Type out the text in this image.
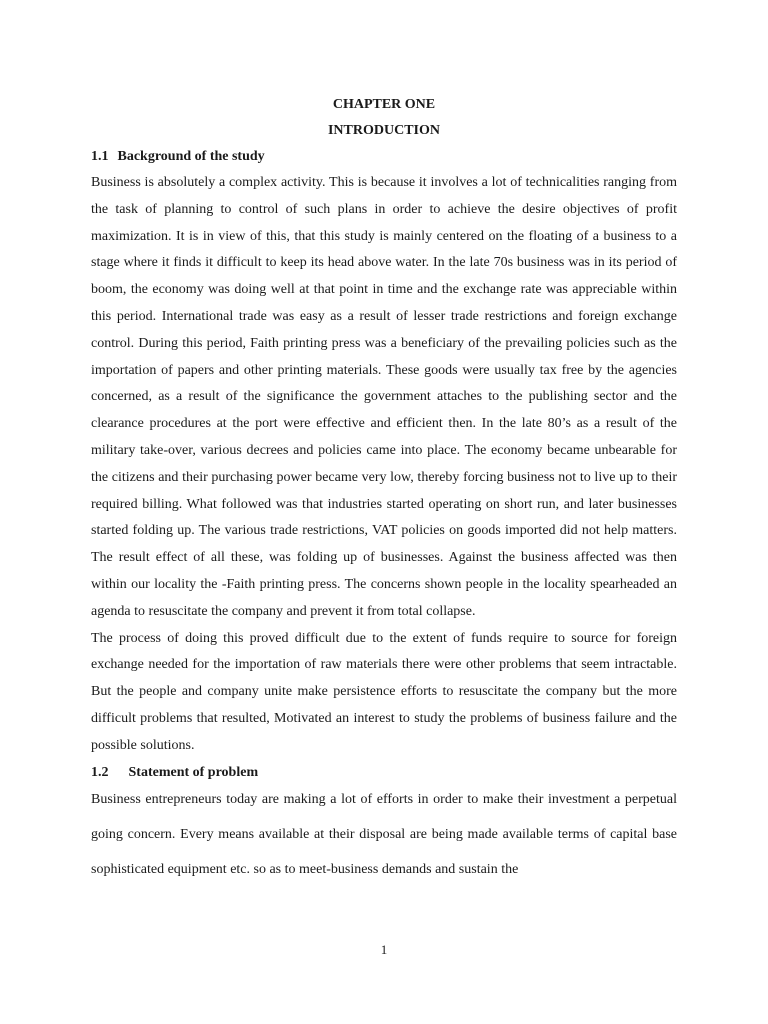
CHAPTER ONE

INTRODUCTION

1.1 Background of the study

Business is absolutely a complex activity. This is because it involves a lot of technicalities ranging from the task of planning to control of such plans in order to achieve the desire objectives of profit maximization. It is in view of this, that this study is mainly centered on the floating of a business to a stage where it finds it difficult to keep its head above water. In the late 70s business was in its period of boom, the economy was doing well at that point in time and the exchange rate was appreciable within this period. International trade was easy as a result of lesser trade restrictions and foreign exchange control. During this period, Faith printing press was a beneficiary of the prevailing policies such as the importation of papers and other printing materials. These goods were usually tax free by the agencies concerned, as a result of the significance the government attaches to the publishing sector and the clearance procedures at the port were effective and efficient then. In the late 80’s as a result of the military take-over, various decrees and policies came into place. The economy became unbearable for the citizens and their purchasing power became very low, thereby forcing business not to live up to their required billing. What followed was that industries started operating on short run, and later businesses started folding up. The various trade restrictions, VAT policies on goods imported did not help matters. The result effect of all these, was folding up of businesses. Against the business affected was then within our locality the -Faith printing press. The concerns shown people in the locality spearheaded an agenda to resuscitate the company and prevent it from total collapse.

The process of doing this proved difficult due to the extent of funds require to source for foreign exchange needed for the importation of raw materials there were other problems that seem intractable. But the people and company unite make persistence efforts to resuscitate the company but the more difficult problems that resulted, Motivated an interest to study the problems of business failure and the possible solutions.

1.2 Statement of problem

Business entrepreneurs today are making a lot of efforts in order to make their investment a perpetual going concern. Every means available at their disposal are being made available terms of capital base sophisticated equipment etc. so as to meet-business demands and sustain the

1
